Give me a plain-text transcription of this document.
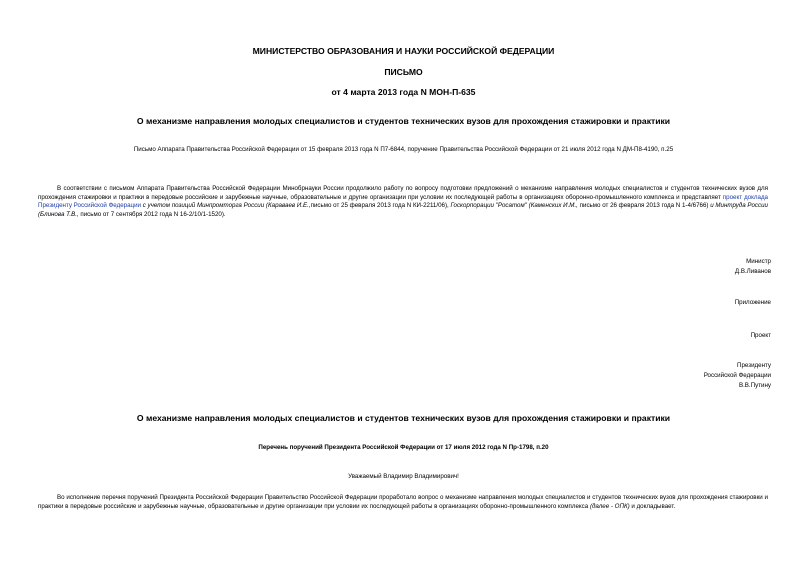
МИНИСТЕРСТВО ОБРАЗОВАНИЯ И НАУКИ РОССИЙСКОЙ ФЕДЕРАЦИИ
ПИСЬМО
от 4 марта 2013 года N МОН-П-635
О механизме направления молодых специалистов и студентов технических вузов для прохождения стажировки и практики
Письмо Аппарата Правительства Российской Федерации от 15 февраля 2013 года N П7-6844, поручение Правительства Российской Федерации от 21 июля 2012 года N ДМ-П8-4190, п.25
В соответствии с письмом Аппарата Правительства Российской Федерации Минобрнауки России продолжило работу по вопросу подготовки предложений о механизме направления молодых специалистов и студентов технических вузов для прохождения стажировки и практики в передовые российские и зарубежные научные, образовательные и другие организации при условии их последующей работы в организациях оборонно-промышленного комплекса и представляет проект доклада Президенту Российской Федерации с учетом позиций Минпромторга России (Караваев И.Е.,письмо от 25 февраля 2013 года N КИ-2211/06), Госкорпорации "Росатом" (Каменских И.М., письмо от 26 февраля 2013 года N 1-4/6766) и Минтруда России (Блинова Т.В., письмо от 7 сентября 2012 года N 16-2/10/1-1520).
Министр
Д.В.Ливанов
Приложение
Проект
Президенту
Российской Федерации
В.В.Путину
О механизме направления молодых специалистов и студентов технических вузов для прохождения стажировки и практики
Перечень поручений Президента Российской Федерации от 17 июля 2012 года N Пр-1798, п.20
Уважаемый Владимир Владимирович!
Во исполнение перечня поручений Президента Российской Федерации Правительство Российской Федерации проработало вопрос о механизме направления молодых специалистов и студентов технических вузов для прохождения стажировки и практики в передовые российские и зарубежные научные, образовательные и другие организации при условии их последующей работы в организациях оборонно-промышленного комплекса (далее - ОПК) и докладывает.
